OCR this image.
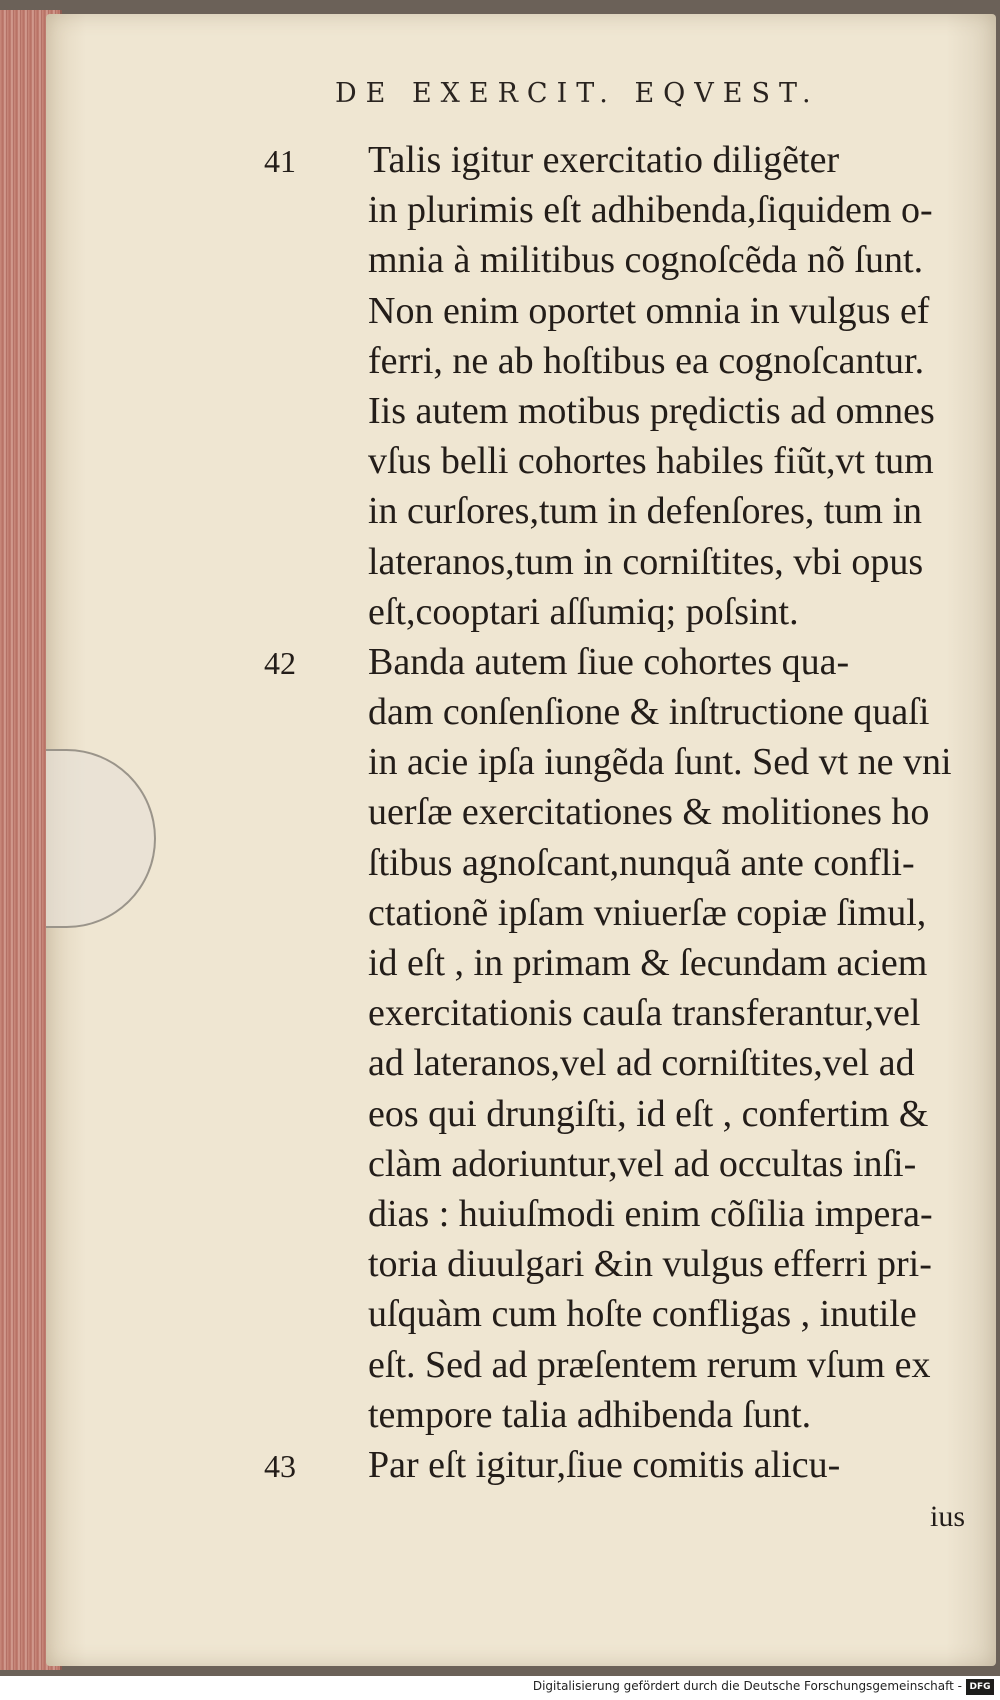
DE EXERCIT. EQVEST.
41 Talis igitur exercitatio diligẽter
in plurimis eſt adhibenda,ſiquidem o-
mnia à militibus cognoſcẽda nõ ſunt.
Non enim oportet omnia in vulgus ef
ferri, ne ab hoſtibus ea cognoſcantur.
Iis autem motibus prędictis ad omnes
vſus belli cohortes habiles fiũt,vt tum
in curſores,tum in defenſores, tum in
lateranos,tum in corniſtites, vbi opus
eſt,cooptari aſſumiq; poſsint.
42 Banda autem ſiue cohortes qua-
dam conſenſione & inſtructione quaſi
in acie ipſa iungẽda ſunt. Sed vt ne vni
uerſæ exercitationes & molitiones ho
ſtibus agnoſcant,nunquã ante confli-
ctationẽ ipſam vniuerſæ copiæ ſimul,
id eſt , in primam & ſecundam aciem
exercitationis cauſa transferantur,vel
ad lateranos,vel ad corniſtites,vel ad
eos qui drungiſti, id eſt , confertim &
clàm adoriuntur,vel ad occultas inſi-
dias : huiuſmodi enim cõſilia impera-
toria diuulgari &in vulgus efferri pri-
uſquàm cum hoſte confligas , inutile
eſt. Sed ad præſentem rerum vſum ex
tempore talia adhibenda ſunt.
43 Par eſt igitur,ſiue comitis alicu-
ius
Digitalisierung gefördert durch die Deutsche Forschungsgemeinschaft - DFG
